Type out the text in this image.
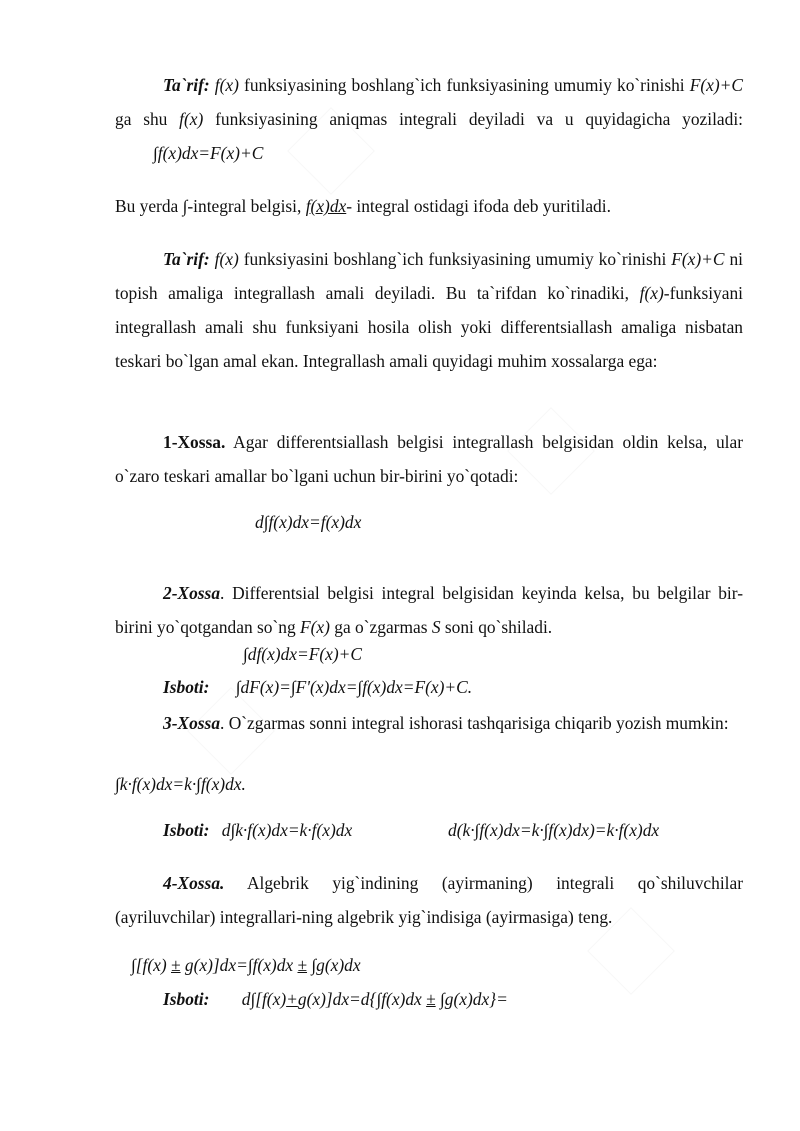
Ta`rif: f(x) funksiyasining boshlang`ich funksiyasining umumiy ko`rinishi F(x)+C ga shu f(x) funksiyasining aniqmas integrali deyiladi va u quyidagicha yoziladi: ∫f(x)dx=F(x)+C
Bu yerda ∫-integral belgisi, f(x)dx- integral ostidagi ifoda deb yuritiladi.
Ta`rif: f(x) funksiyasini boshlang`ich funksiyasining umumiy ko`rinishi F(x)+C ni topish amaliga integrallash amali deyiladi. Bu ta`rifdan ko`rinadiki, f(x)-funksiyani integrallash amali shu funksiyani hosila olish yoki differentsiallash amaliga nisbatan teskari bo`lgan amal ekan. Integrallash amali quyidagi muhim xossalarga ega:
1-Xossa. Agar differentsiallash belgisi integrallash belgisidan oldin kelsa, ular o`zaro teskari amallar bo`lgani uchun bir-birini yo`qotadi:
d∫f(x)dx=f(x)dx
2-Xossa. Differentsial belgisi integral belgisidan keyinda kelsa, bu belgilar bir-birini yo`qotgandan so`ng F(x) ga o`zgarmas S soni qo`shiladi.
∫df(x)dx=F(x)+C
Isboti: ∫dF(x)=∫F'(x)dx=∫f(x)dx=F(x)+C.
3-Xossa. O`zgarmas sonni integral ishorasi tashqarisiga chiqarib yozish mumkin:
∫k·f(x)dx=k·∫f(x)dx.
Isboti: d∫k·f(x)dx=k·f(x)dx	d(k·∫f(x)dx=k·∫f(x)dx)=k·f(x)dx
4-Xossa. Algebrik yig`indining (ayirmaning) integrali qo`shiluvchilar (ayriluvchilar) integrallari-ning algebrik yig`indisiga (ayirmasiga) teng.
∫[f(x) ± g(x)]dx=∫f(x)dx ± ∫g(x)dx
Isboti: d∫[f(x)+g(x)]dx=d{∫f(x)dx ± ∫g(x)dx}=
